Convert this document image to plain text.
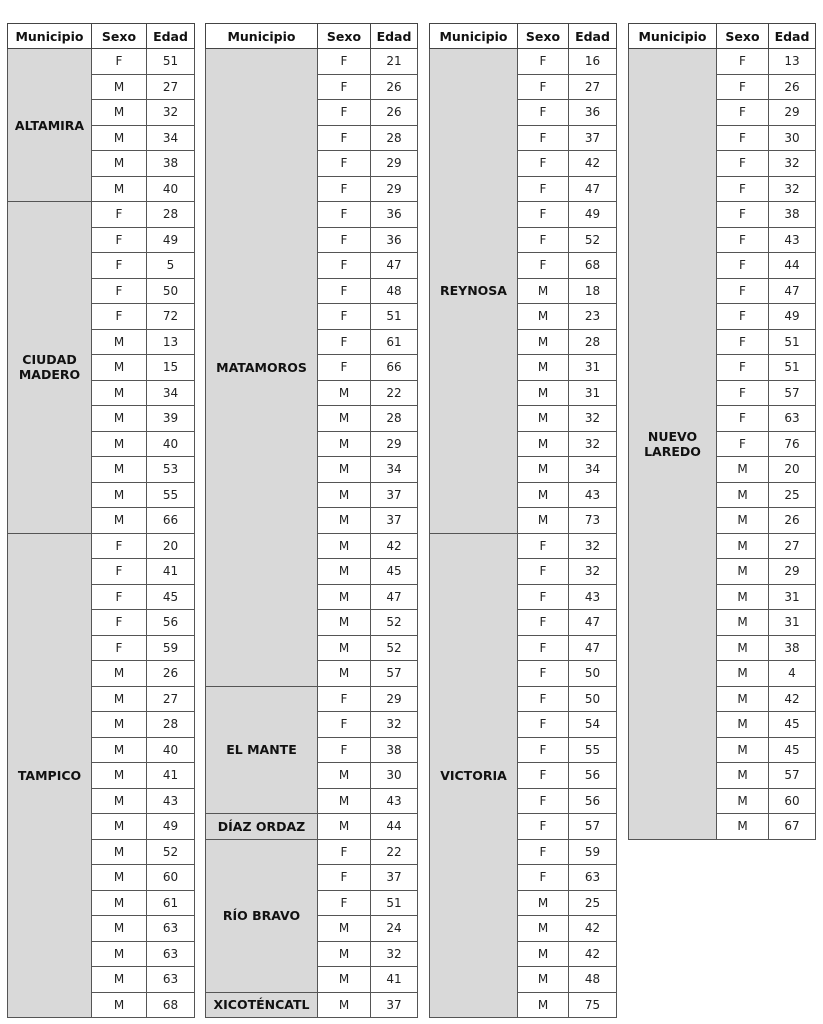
Municipio	Sexo	Edad
ALTAMIRA	F	51
	M	27
	M	32
	M	34
	M	38
	M	40
CIUDAD MADERO	F	28
	F	49
	F	5
	F	50
	F	72
	M	13
	M	15
	M	34
	M	39
	M	40
	M	53
	M	55
	M	66
TAMPICO	F	20
	F	41
	F	45
	F	56
	F	59
	M	26
	M	27
	M	28
	M	40
	M	41
	M	43
	M	49
	M	52
	M	60
	M	61
	M	63
	M	63
	M	63
	M	68
Municipio	Sexo	Edad
MATAMOROS	F	21
	F	26
	F	26
	F	28
	F	29
	F	29
	F	36
	F	36
	F	47
	F	48
	F	51
	F	61
	F	66
	M	22
	M	28
	M	29
	M	34
	M	37
	M	37
	M	42
	M	45
	M	47
	M	52
	M	52
	M	57
EL MANTE	F	29
	F	32
	F	38
	M	30
	M	43
DÍAZ ORDAZ	M	44
RÍO BRAVO	F	22
	F	37
	F	51
	M	24
	M	32
	M	41
XICOTÉNCATL	M	37
Municipio	Sexo	Edad
REYNOSA	F	16
	F	27
	F	36
	F	37
	F	42
	F	47
	F	49
	F	52
	F	68
	M	18
	M	23
	M	28
	M	31
	M	31
	M	32
	M	32
	M	34
	M	43
	M	73
VICTORIA	F	32
	F	32
	F	43
	F	47
	F	47
	F	50
	F	50
	F	54
	F	55
	F	56
	F	56
	F	57
	F	59
	F	63
	M	25
	M	42
	M	42
	M	48
	M	75
Municipio	Sexo	Edad
NUEVO LAREDO	F	13
	F	26
	F	29
	F	30
	F	32
	F	32
	F	38
	F	43
	F	44
	F	47
	F	49
	F	51
	F	51
	F	57
	F	63
	F	76
	M	20
	M	25
	M	26
	M	27
	M	29
	M	31
	M	31
	M	38
	M	4
	M	42
	M	45
	M	45
	M	57
	M	60
	M	67
